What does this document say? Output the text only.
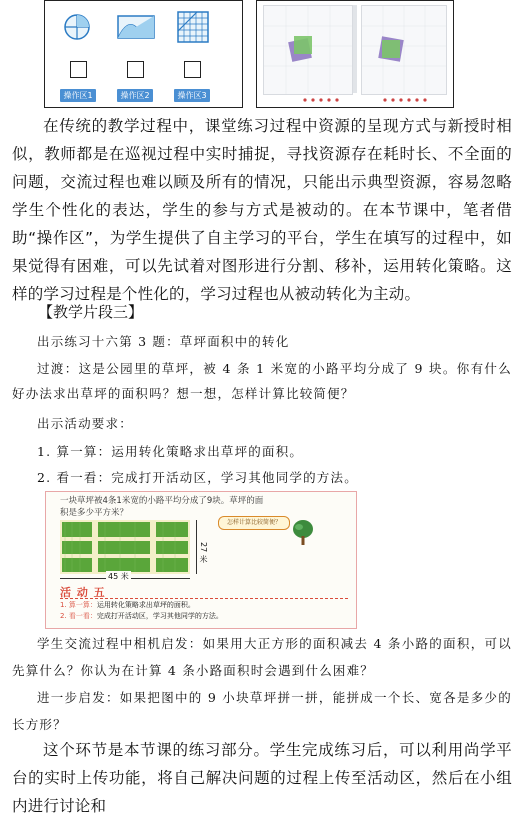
操作区1	操作区2	操作区3
在传统的教学过程中，课堂练习过程中资源的呈现方式与新授时相似，教师都是在巡视过程中实时捕捉，寻找资源存在耗时长、不全面的问题，交流过程也难以顾及所有的情况，只能出示典型资源，容易忽略学生个性化的表达，学生的参与方式是被动的。在本节课中，笔者借助“操作区”，为学生提供了自主学习的平台，学生在填写的过程中，如果觉得有困难，可以先试着对图形进行分割、移补，运用转化策略。这样的学习过程是个性化的，学习过程也从被动转化为主动。
【教学片段三】
出示练习十六第 3 题：草坪面积中的转化
过渡：这是公园里的草坪，被 4 条 1 米宽的小路平均分成了 9 块。你有什么好办法求出草坪的面积吗？想一想，怎样计算比较简便？
出示活动要求：
1. 算一算：运用转化策略求出草坪的面积。
2. 看一看：完成打开活动区，学习其他同学的方法。
一块草坪被4条1米宽的小路平均分成了9块。草坪的面积是多少平方米？
45 米
27 米
怎样计算比较简便？
活 动 五
1. 算一算：运用转化策略求出草坪的面积。
2. 看一看：完成打开活动区，学习其他同学的方法。
学生交流过程中相机启发：如果用大正方形的面积减去 4 条小路的面积，可以先算什么？你认为在计算 4 条小路面积时会遇到什么困难？
进一步启发：如果把图中的 9 小块草坪拼一拼，能拼成一个长、宽各是多少的长方形？
这个环节是本节课的练习部分。学生完成练习后，可以利用尚学平台的实时上传功能，将自己解决问题的过程上传至活动区，然后在小组内进行讨论和
